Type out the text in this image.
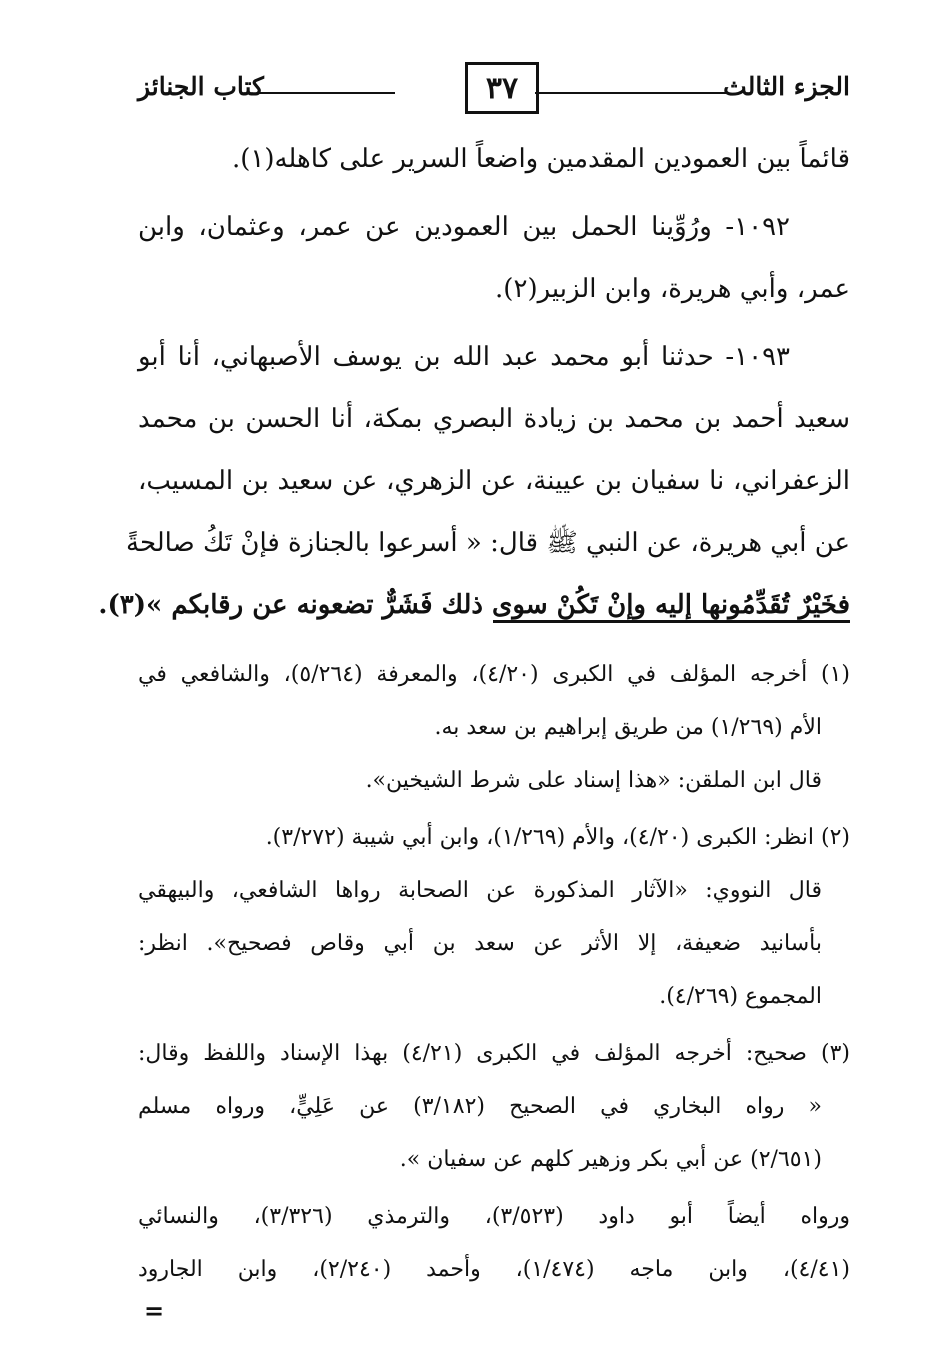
الجزء الثالث
٣٧
كتاب الجنائز
قائماً بين العمودين المقدمين واضعاً السرير على كاهله(١).
١٠٩٢- ورُوِّينا الحمل بين العمودين عن عمر، وعثمان، وابن
عمر، وأبي هريرة، وابن الزبير(٢).
١٠٩٣- حدثنا أبو محمد عبد الله بن يوسف الأصبهاني، أنا أبو
سعيد أحمد بن محمد بن زيادة البصري بمكة، أنا الحسن بن محمد
الزعفراني، نا سفيان بن عيينة، عن الزهري، عن سعيد بن المسيب،
عن أبي هريرة، عن النبي ﷺ قال: « أسرعوا بالجنازة فإنْ تَكُ صالحةً
فخَيْرٌ تُقَدِّمُونها إليه وإنْ تَكُنْ سوى ذلك فَشَرٌّ تضعونه عن رقابكم »(٣).
(١) أخرجه المؤلف في الكبرى (٤/٢٠)، والمعرفة (٥/٢٦٤)، والشافعي في
الأم (١/٢٦٩) من طريق إبراهيم بن سعد به.
قال ابن الملقن: «هذا إسناد على شرط الشيخين».
(٢) انظر: الكبرى (٤/٢٠)، والأم (١/٢٦٩)، وابن أبي شيبة (٣/٢٧٢).
قال النووي: «الآثار المذكورة عن الصحابة رواها الشافعي، والبيهقي
بأسانيد ضعيفة، إلا الأثر عن سعد بن أبي وقاص فصحيح». انظر:
المجموع (٤/٢٦٩).
(٣) صحيح: أخرجه المؤلف في الكبرى (٤/٢١) بهذا الإسناد واللفظ وقال:
« رواه البخاري في الصحيح (٣/١٨٢) عن عَلِيٍّ، ورواه مسلم
(٢/٦٥١) عن أبي بكر وزهير كلهم عن سفيان ».
ورواه أيضاً أبو داود (٣/٥٢٣)، والترمذي (٣/٣٢٦)، والنسائي
(٤/٤١)، وابن ماجه (١/٤٧٤)، وأحمد (٢/٢٤٠)، وابن الجارود
=
